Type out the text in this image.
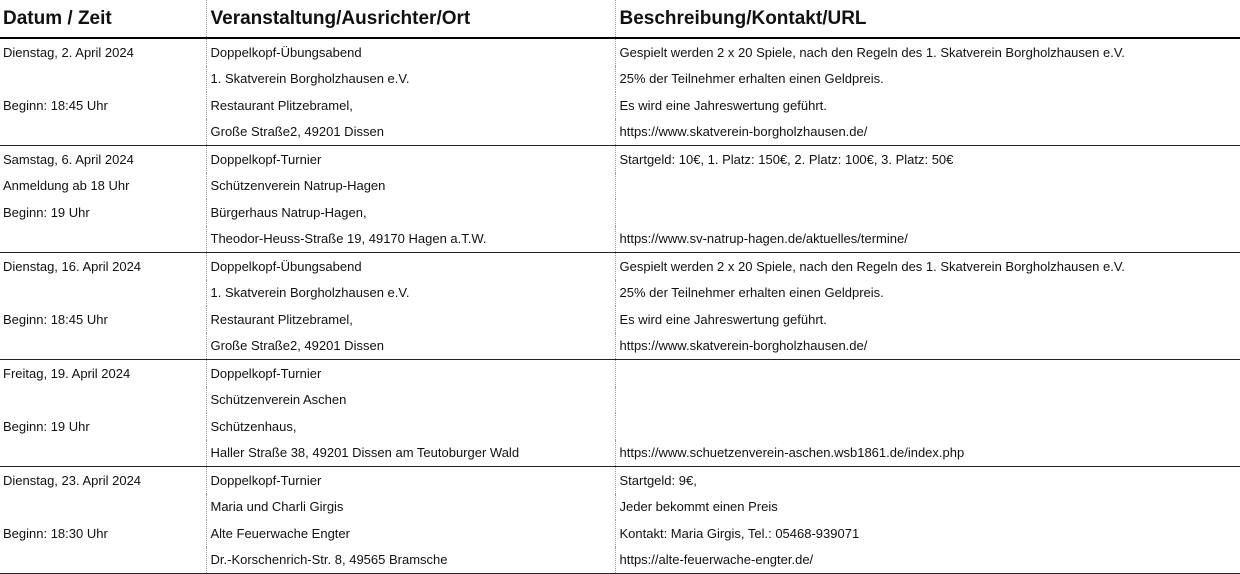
Datum / Zeit	Veranstaltung/Ausrichter/Ort	Beschreibung/Kontakt/URL
Dienstag, 2. April 2024	Doppelkopf-Übungsabend	Gespielt werden 2 x 20 Spiele, nach den Regeln des 1. Skatverein Borgholzhausen e.V.
	1. Skatverein Borgholzhausen e.V.	25% der Teilnehmer erhalten einen Geldpreis.
Beginn: 18:45 Uhr	Restaurant Plitzebramel,	Es wird eine Jahreswertung geführt.
	Große Straße2, 49201 Dissen	https://www.skatverein-borgholzhausen.de/
Samstag, 6. April 2024	Doppelkopf-Turnier	Startgeld: 10€, 1. Platz: 150€, 2. Platz: 100€, 3. Platz: 50€
Anmeldung ab 18 Uhr	Schützenverein Natrup-Hagen	
Beginn: 19 Uhr	Bürgerhaus Natrup-Hagen,	
	Theodor-Heuss-Straße 19, 49170 Hagen a.T.W.	https://www.sv-natrup-hagen.de/aktuelles/termine/
Dienstag, 16. April 2024	Doppelkopf-Übungsabend	Gespielt werden 2 x 20 Spiele, nach den Regeln des 1. Skatverein Borgholzhausen e.V.
	1. Skatverein Borgholzhausen e.V.	25% der Teilnehmer erhalten einen Geldpreis.
Beginn: 18:45 Uhr	Restaurant Plitzebramel,	Es wird eine Jahreswertung geführt.
	Große Straße2, 49201 Dissen	https://www.skatverein-borgholzhausen.de/
Freitag, 19. April 2024	Doppelkopf-Turnier	
	Schützenverein Aschen	
Beginn: 19 Uhr	Schützenhaus,	
	Haller Straße 38, 49201 Dissen am Teutoburger Wald	https://www.schuetzenverein-aschen.wsb1861.de/index.php
Dienstag, 23. April 2024	Doppelkopf-Turnier	Startgeld: 9€,
	Maria und Charli Girgis	Jeder bekommt einen Preis
Beginn: 18:30 Uhr	Alte Feuerwache Engter	Kontakt: Maria Girgis, Tel.: 05468-939071
	Dr.-Korschenrich-Str. 8, 49565 Bramsche	https://alte-feuerwache-engter.de/
